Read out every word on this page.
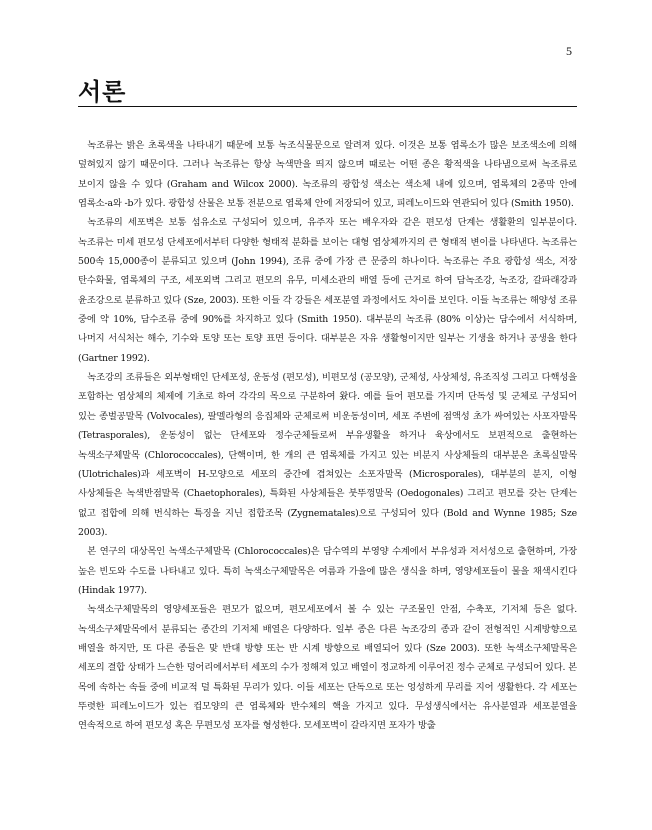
5
서론

녹조류는 밝은 초록색을 나타내기 때문에 보통 녹조식물문으로 알려져 있다. 이것은 보통 엽록소가 많은 보조색소에 의해 덮혀있지 않기 때문이다. 그러나 녹조류는 항상 녹색만을 띄지 않으며 때로는 어떤 종은 황적색을 나타냄으로써 녹조류로 보이지 않을 수 있다 (Graham and Wilcox 2000). 녹조류의 광합성 색소는 색소체 내에 있으며, 엽록체의 2종막 안에 엽록소-a와 -b가 있다. 광합성 산물은 보통 전분으로 엽록체 안에 저장되어 있고, 피레노이드와 연관되어 있다 (Smith 1950).

녹조류의 세포벽은 보통 섬유소로 구성되어 있으며, 유주자 또는 배우자와 같은 편모성 단계는 생활환의 일부분이다. 녹조류는 미세 편모성 단세포에서부터 다양한 형태적 분화를 보이는 대형 엽상체까지의 큰 형태적 변이를 나타낸다. 녹조류는 500속 15,000종이 분류되고 있으며 (John 1994), 조류 중에 가장 큰 문중의 하나이다. 녹조류는 주요 광합성 색소, 저장 탄수화물, 엽록체의 구조, 세포외벽 그리고 편모의 유무, 미세소관의 배열 등에 근거로 하여 담녹조강, 녹조강, 갈파래강과 윤조강으로 분류하고 있다 (Sze, 2003). 또한 이들 각 강들은 세포분열 과정에서도 차이를 보인다. 이들 녹조류는 해양성 조류 중에 약 10%, 담수조류 중에 90%를 차지하고 있다 (Smith 1950). 대부분의 녹조류 (80% 이상)는 담수에서 서식하며, 나머지 서식처는 해수, 기수와 토양 또는 토양 표면 등이다. 대부분은 자유 생활형이지만 일부는 기생을 하거나 공생을 한다 (Gartner 1992).

녹조강의 조류들은 외부형태인 단세포성, 운동성 (편모성), 비편모성 (공모양), 군체성, 사상체성, 유조직성 그리고 다핵성을 포함하는 엽상체의 체제에 기초로 하여 각각의 목으로 구분하여 왔다. 예를 들어 편모를 가지며 단독성 및 군체로 구성되어 있는 종벌공말목 (Volvocales), 팔멜라형의 응집체와 군체로써 비운동성이며, 세포 주변에 점액성 초가 싸여있는 사포자말목 (Tetrasporales), 운동성이 없는 단세포와 정수군체들로써 부유생활을 하거나 육상에서도 보편적으로 출현하는 녹색소구체말목 (Chlorococcales), 단핵이며, 한 개의 큰 엽록체를 가지고 있는 비분지 사상체들의 대부분은 초록실말목 (Ulotrichales)과 세포벽이 H-모양으로 세포의 중간에 겹쳐있는 소포자말목 (Microsporales), 대부분의 분지, 이형 사상체들은 녹색반점말목 (Chaetophorales), 특화된 사상체들은 붓뚜껑말목 (Oedogonales) 그리고 편모를 갖는 단계는 없고 접합에 의해 번식하는 특징을 지닌 접합조목 (Zygnematales)으로 구성되어 있다 (Bold and Wynne 1985; Sze 2003).

본 연구의 대상목인 녹색소구체말목 (Chlorococcales)은 담수역의 부영양 수계에서 부유성과 저서성으로 출현하며, 가장 높은 빈도와 수도를 나타내고 있다. 특히 녹색소구체말목은 여름과 가을에 많은 생식을 하며, 영양세포들이 물을 채색시킨다 (Hindak 1977).

녹색소구체말목의 영양세포들은 편모가 없으며, 편모세포에서 볼 수 있는 구조물인 안점, 수축포, 기저체 등은 없다. 녹색소구체말목에서 분류되는 종간의 기저체 배열은 다양하다. 일부 종은 다른 녹조강의 종과 같이 전형적인 시계방향으로 배열을 하지만, 또 다른 종들은 맞 반대 방향 또는 반 시계 방향으로 배열되어 있다 (Sze 2003). 또한 녹색소구체말목은 세포의 결합 상태가 느슨한 덩어리에서부터 세포의 수가 정해져 있고 배열이 정교하게 이루어진 정수 군체로 구성되어 있다. 본 목에 속하는 속들 중에 비교적 덜 특화된 무리가 있다. 이들 세포는 단독으로 또는 엉성하게 무리를 지어 생활한다. 각 세포는 뚜렷한 피레노이드가 있는 컵모양의 큰 엽록체와 반수체의 핵을 가지고 있다. 무성생식에서는 유사분열과 세포분열을 연속적으로 하여 편모성 혹은 무편모성 포자를 형성한다. 모세포벽이 갈라지면 포자가 방출
